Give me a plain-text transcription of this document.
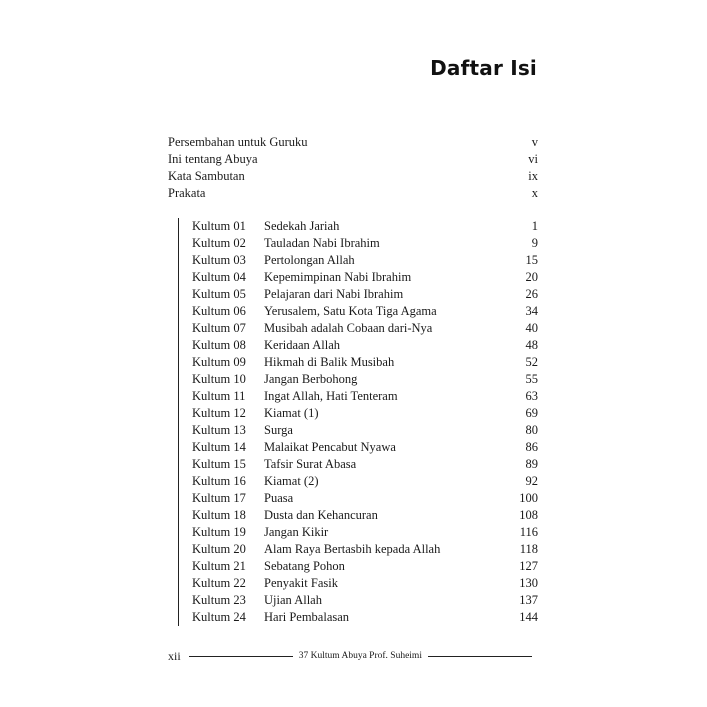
Daftar Isi
Persembahan untuk Guruku	v
Ini tentang Abuya	vi
Kata Sambutan	ix
Prakata	x
Kultum 01	Sedekah Jariah	1
Kultum 02	Tauladan Nabi Ibrahim	9
Kultum 03	Pertolongan Allah	15
Kultum 04	Kepemimpinan Nabi Ibrahim	20
Kultum 05	Pelajaran dari Nabi Ibrahim	26
Kultum 06	Yerusalem, Satu Kota Tiga Agama	34
Kultum 07	Musibah adalah Cobaan dari-Nya	40
Kultum 08	Keridaan Allah	48
Kultum 09	Hikmah di Balik Musibah	52
Kultum 10	Jangan Berbohong	55
Kultum 11	Ingat Allah, Hati Tenteram	63
Kultum 12	Kiamat (1)	69
Kultum 13	Surga	80
Kultum 14	Malaikat Pencabut Nyawa	86
Kultum 15	Tafsir Surat Abasa	89
Kultum 16	Kiamat (2)	92
Kultum 17	Puasa	100
Kultum 18	Dusta dan Kehancuran	108
Kultum 19	Jangan Kikir	116
Kultum 20	Alam Raya Bertasbih kepada Allah	118
Kultum 21	Sebatang Pohon	127
Kultum 22	Penyakit Fasik	130
Kultum 23	Ujian Allah	137
Kultum 24	Hari Pembalasan	144
xii	37 Kultum Abuya Prof. Suheimi
